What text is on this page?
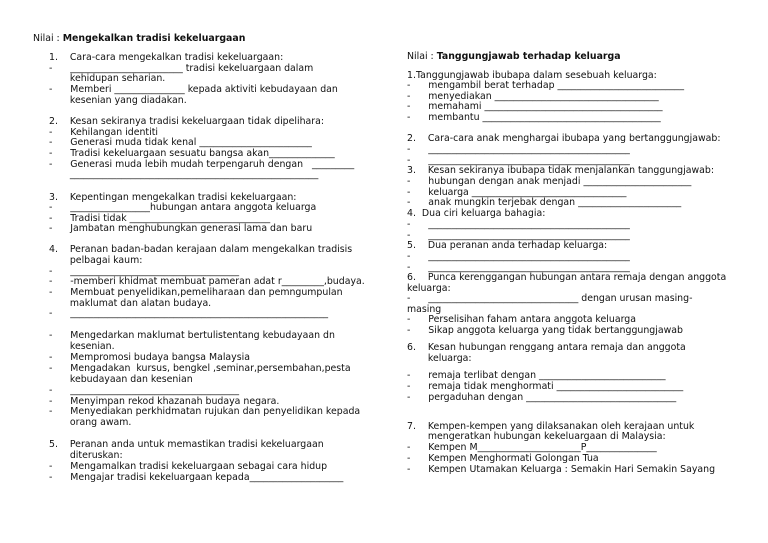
Nilai : Mengekalkan tradisi kekeluargaan
1.    Cara-cara mengekalkan tradisi kekeluargaan:
-      ________________________ tradisi kekeluargaan dalam
kehidupan seharian.
-      Memberi _______________ kepada aktiviti kebudayaan dan
kesenian yang diadakan.
2.    Kesan sekiranya tradisi kekeluargaan tidak dipelihara:
-      Kehilangan identiti
-      Generasi muda tidak kenal ________________________
-      Tradisi kekeluargaan sesuatu bangsa akan______________
-      Generasi muda lebih mudah terpengaruh dengan   _________
_____________________________________________________
3.    Kepentingan mengekalkan tradisi kekeluargaan:
-      _________________hubungan antara anggota keluarga
-      Tradisi tidak ______________________________
-      Jambatan menghubungkan generasi lama dan baru
4.    Peranan badan-badan kerajaan dalam mengekalkan tradisis
pelbagai kaum:
-      ____________________________________
-      -memberi khidmat membuat pameran adat r_________,budaya.
-      Membuat penyelidikan,pemeliharaan dan pemngumpulan
maklumat dan alatan budaya.
-      _______________________________________________________
-      Mengedarkan maklumat bertulistentang kebudayaan dn
kesenian.
-      Mempromosi budaya bangsa Malaysia
-      Mengadakan  kursus, bengkel ,seminar,persembahan,pesta
kebudayaan dan kesenian
-      ____________________________________
-      Menyimpan rekod khazanah budaya negara.
-      Menyediakan perkhidmatan rujukan dan penyelidikan kepada
orang awam.
5.    Peranan anda untuk memastikan tradisi kekeluargaan
diteruskan:
-      Mengamalkan tradisi kekeluargaan sebagai cara hidup
-      Mengajar tradisi kekeluargaan kepada____________________
Nilai : Tanggungjawab terhadap keluarga
1.Tanggungjawab ibubapa dalam sesebuah keluarga:
-      mengambil berat terhadap ___________________________
-      menyediakan ___________________________________
-      memahami ______________________________________
-      membantu ______________________________________
2.    Cara-cara anak menghargai ibubapa yang bertanggungjawab:
-      ___________________________________________
-      ___________________________________________
3.    Kesan sekiranya ibubapa tidak menjalankan tanggungjawab:
-      hubungan dengan anak menjadi _______________________
-      keluarga _________________________________
-      anak mungkin terjebak dengan ______________________
4.  Dua ciri keluarga bahagia:
-      ___________________________________________
-      ___________________________________________
5.    Dua peranan anda terhadap keluarga:
-      ___________________________________________
-      ___________________________________________
6.    Punca kerenggangan hubungan antara remaja dengan anggota
keluarga:
-      ________________________________ dengan urusan masing-
masing
-      Perselisihan faham antara anggota keluarga
-      Sikap anggota keluarga yang tidak bertanggungjawab
6.    Kesan hubungan renggang antara remaja dan anggota
keluarga:
-      remaja terlibat dengan ___________________________
-      remaja tidak menghormati ___________________________
-      pergaduhan dengan ________________________________
7.    Kempen-kempen yang dilaksanakan oleh kerajaan untuk
mengeratkan hubungan kekeluargaan di Malaysia:
-      Kempen M______________________P_______________
-      Kempen Menghormati Golongan Tua
-      Kempen Utamakan Keluarga : Semakin Hari Semakin Sayang
